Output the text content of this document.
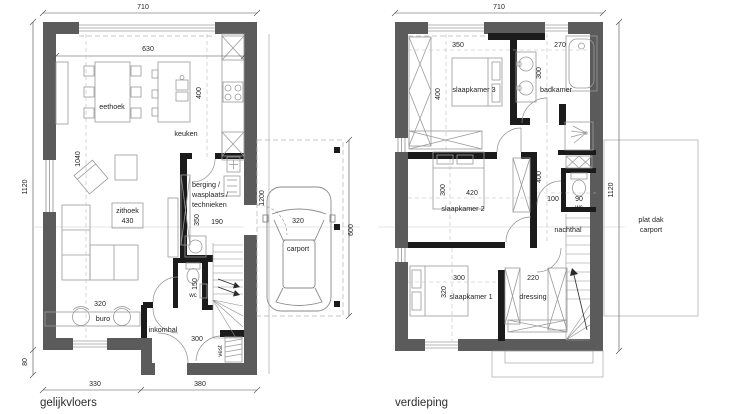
zithoek
430
710
630
400
1040
1120
80
eethoek
keuken
berging /
wasplaats /
technieken
350 190
150
wc
320
buro
inkomhal
300
vest
330	380
1200
320
600
carport
gelijkvloers
710
350	270
400
300
slaapkamer 3	badkamer
300	420
slaapkamer 2
400
100 90
wc
nachthal
300
320 slaapkamer 1
220
dressing
1120
plat dak
carport
verdieping
